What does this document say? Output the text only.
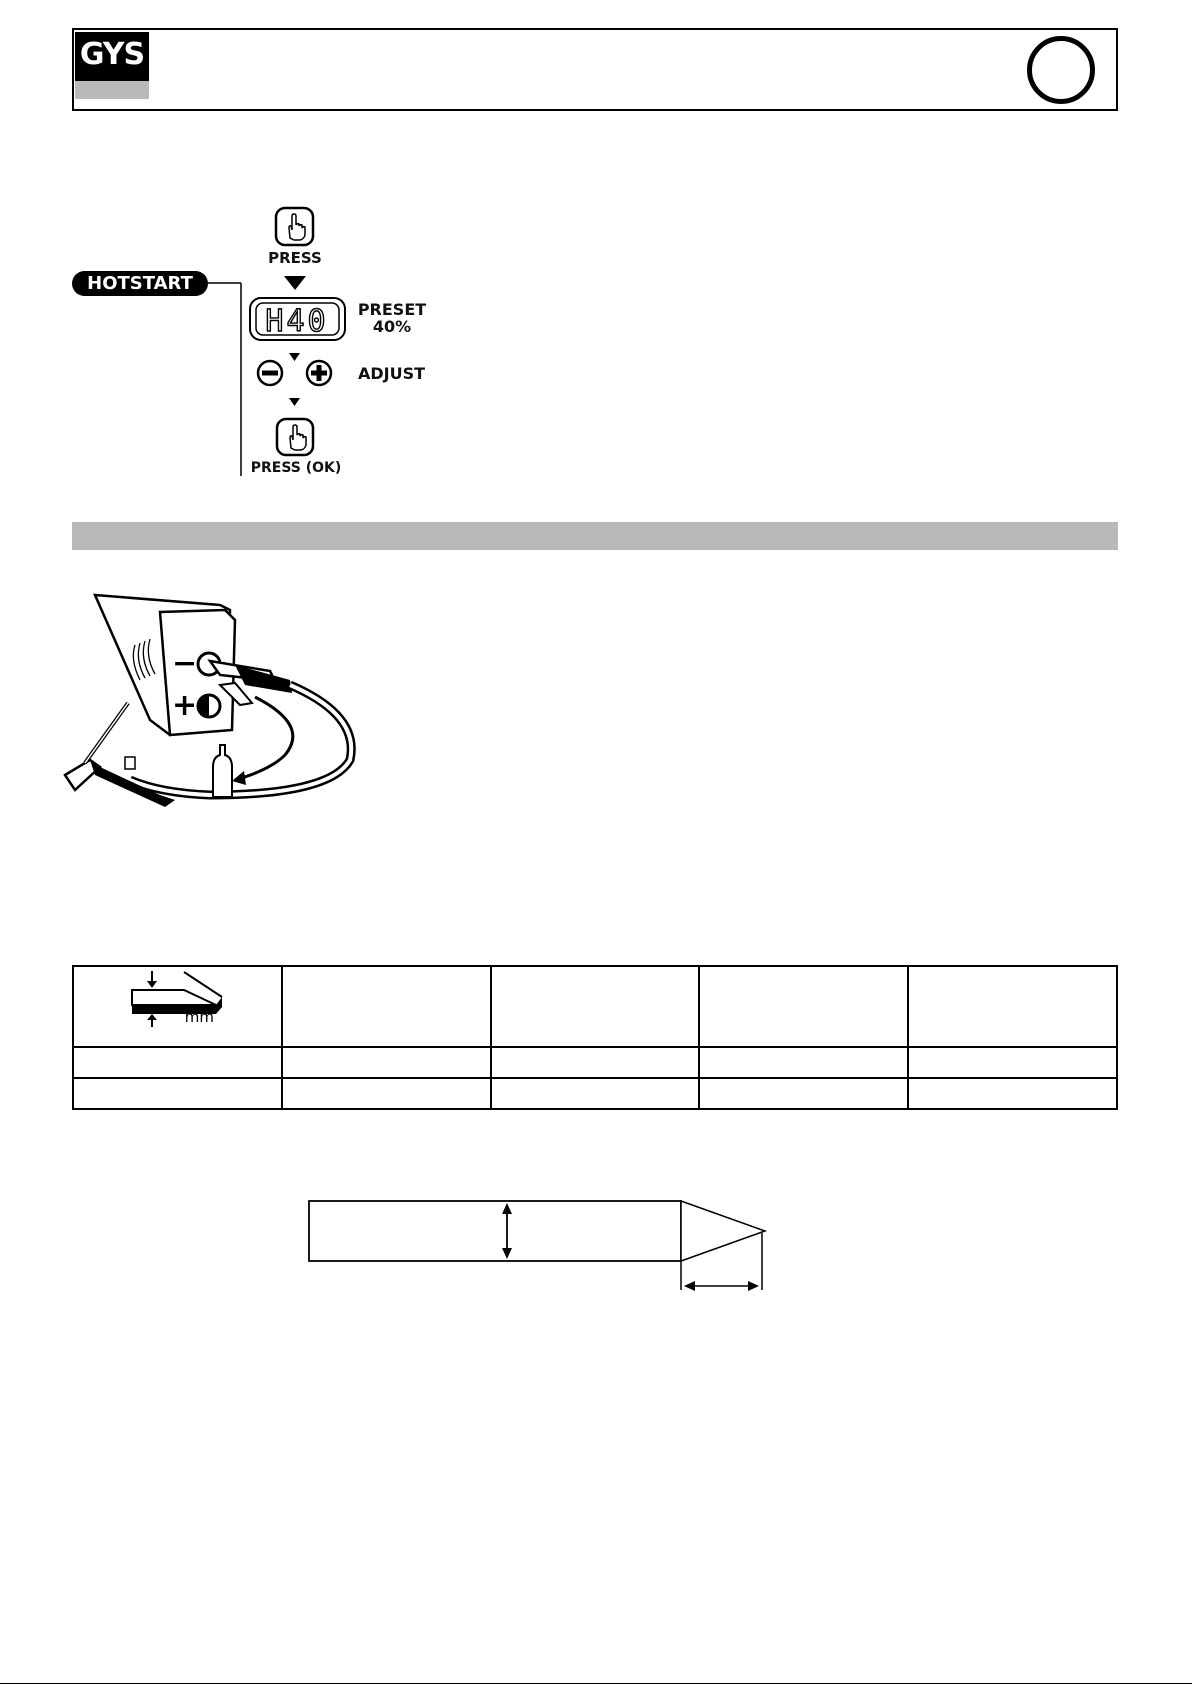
GYS
HOTSTART
H40
PRESS
PRESET
40%
ADJUST
PRESS (OK)
−
+
mm				
